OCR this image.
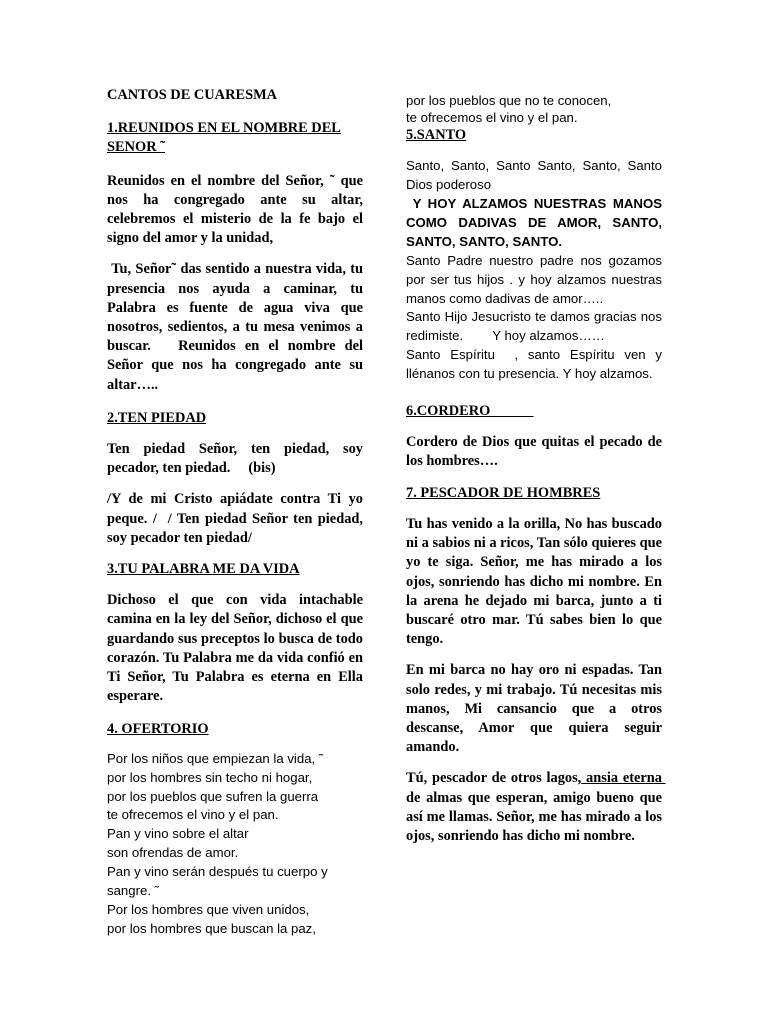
CANTOS DE CUARESMA

1.REUNIDOS EN EL NOMBRE DEL SENOR ˜

Reunidos en el nombre del Señor, ˜ que nos ha congregado ante su altar, celebremos el misterio de la fe bajo el signo del amor y la unidad,

Tu, Señor˜ das sentido a nuestra vida, tu presencia nos ayuda a caminar, tu Palabra es fuente de agua viva que nosotros, sedientos, a tu mesa venimos a buscar.   Reunidos en el nombre del Señor que nos ha congregado ante su altar…..

2.TEN PIEDAD

Ten piedad Señor, ten piedad, soy pecador, ten piedad.     (bis)

/Y de mi Cristo apiádate contra Ti yo peque. /  / Ten piedad Señor ten piedad, soy pecador ten piedad/

3.TU PALABRA ME DA VIDA

Dichoso el que con vida intachable camina en la ley del Señor, dichoso el que guardando sus preceptos lo busca de todo corazón. Tu Palabra me da vida confió en Ti Señor, Tu Palabra es eterna en Ella esperare.

4. OFERTORIO

Por los niños que empiezan la vida, ˜
por los hombres sin techo ni hogar,
por los pueblos que sufren la guerra
te ofrecemos el vino y el pan.
Pan y vino sobre el altar
son ofrendas de amor.
Pan y vino serán después tu cuerpo y
sangre. ˜
Por los hombres que viven unidos,
por los hombres que buscan la paz,
por los pueblos que no te conocen,
te ofrecemos el vino y el pan.

5.SANTO

Santo, Santo, Santo Santo, Santo, Santo Dios poderoso

Y HOY ALZAMOS NUESTRAS MANOS COMO DADIVAS DE AMOR, SANTO, SANTO, SANTO, SANTO.

Santo Padre nuestro padre nos gozamos por ser tus hijos . y hoy alzamos nuestras manos como dadivas de amor…..

Santo Hijo Jesucristo te damos gracias nos redimiste.        Y hoy alzamos……

Santo Espíritu  , santo Espíritu ven y llénanos con tu presencia. Y hoy alzamos.

6.CORDERO

Cordero de Dios que quitas el pecado de los hombres….

7. PESCADOR DE HOMBRES

Tu has venido a la orilla, No has buscado ni a sabios ni a ricos, Tan sólo quieres que yo te siga. Señor, me has mirado a los ojos, sonriendo has dicho mi nombre. En la arena he dejado mi barca, junto a ti buscaré otro mar. Tú sabes bien lo que tengo.

En mi barca no hay oro ni espadas. Tan solo redes, y mi trabajo. Tú necesitas mis manos, Mi cansancio que a otros descanse, Amor que quiera seguir amando.

Tú, pescador de otros lagos, ansia eterna de almas que esperan, amigo bueno que así me llamas. Señor, me has mirado a los ojos, sonriendo has dicho mi nombre.
